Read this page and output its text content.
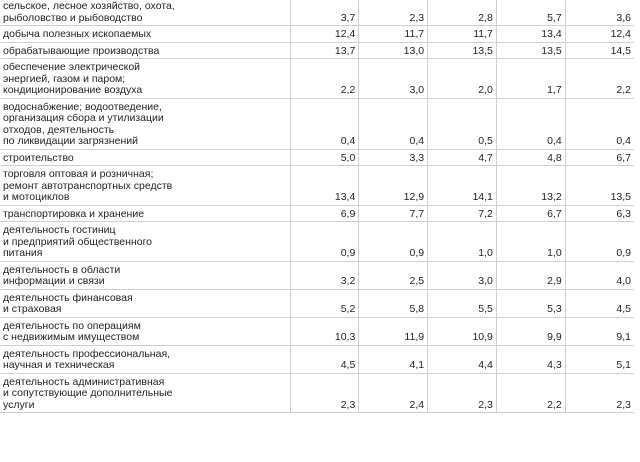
сельское, лесное хозяйство, охота,
рыболовство и рыбоводство	3,7	2,3	2,8	5,7	3,6
добыча полезных ископаемых	12,4	11,7	11,7	13,4	12,4
обрабатывающие производства	13,7	13,0	13,5	13,5	14,5
обеспечение электрической
энергией, газом и паром;
кондиционирование воздуха	2,2	3,0	2,0	1,7	2,2
водоснабжение; водоотведение,
организация сбора и утилизации
отходов, деятельность
по ликвидации загрязнений	0,4	0,4	0,5	0,4	0,4
строительство	5,0	3,3	4,7	4,8	6,7
торговля оптовая и розничная;
ремонт автотранспортных средств
и мотоциклов	13,4	12,9	14,1	13,2	13,5
транспортировка и хранение	6,9	7,7	7,2	6,7	6,3
деятельность гостиниц
и предприятий общественного
питания	0,9	0,9	1,0	1,0	0,9
деятельность в области
информации и связи	3,2	2,5	3,0	2,9	4,0
деятельность финансовая
и страховая	5,2	5,8	5,5	5,3	4,5
деятельность по операциям
с недвижимым имуществом	10,3	11,9	10,9	9,9	9,1
деятельность профессиональная,
научная и техническая	4,5	4,1	4,4	4,3	5,1
деятельность административная
и сопутствующие дополнительные
услуги	2,3	2,4	2,3	2,2	2,3
